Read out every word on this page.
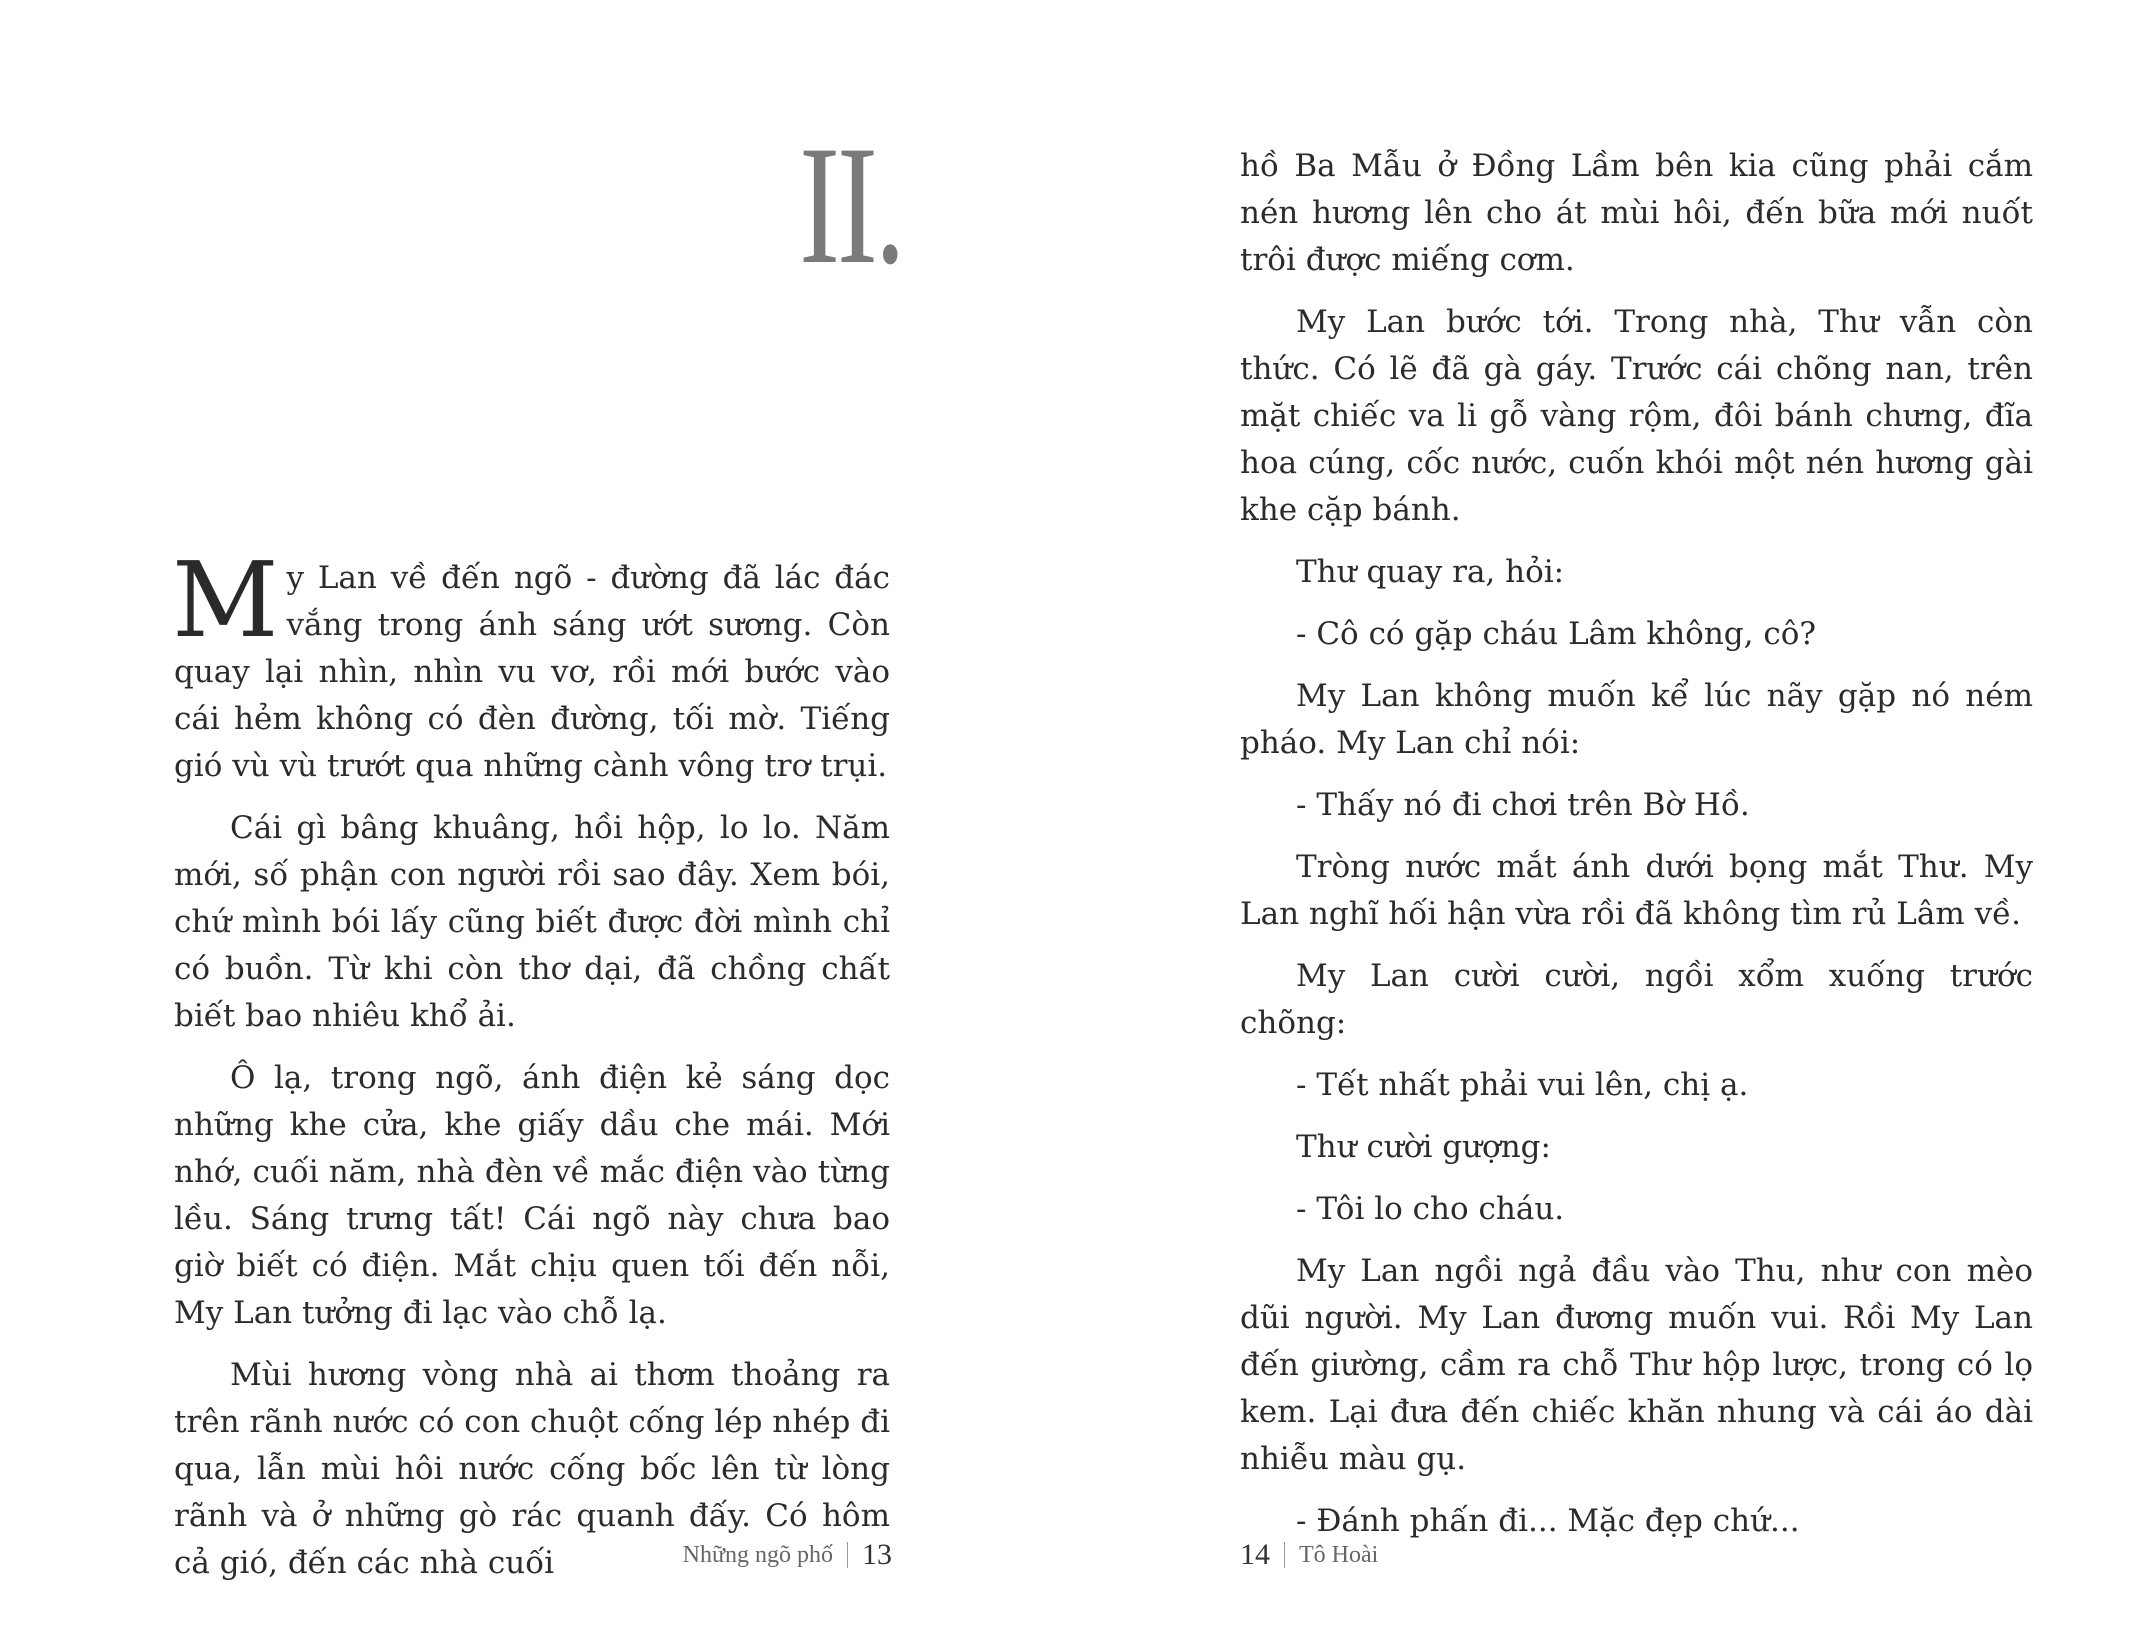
II.

My Lan về đến ngõ - đường đã lác đác vắng trong ánh sáng ướt sương. Còn quay lại nhìn, nhìn vu vơ, rồi mới bước vào cái hẻm không có đèn đường, tối mờ. Tiếng gió vù vù trướt qua những cành vông trơ trụi.

Cái gì bâng khuâng, hồi hộp, lo lo. Năm mới, số phận con người rồi sao đây. Xem bói, chứ mình bói lấy cũng biết được đời mình chỉ có buồn. Từ khi còn thơ dại, đã chồng chất biết bao nhiêu khổ ải.

Ô lạ, trong ngõ, ánh điện kẻ sáng dọc những khe cửa, khe giấy dầu che mái. Mới nhớ, cuối năm, nhà đèn về mắc điện vào từng lều. Sáng trưng tất! Cái ngõ này chưa bao giờ biết có điện. Mắt chịu quen tối đến nỗi, My Lan tưởng đi lạc vào chỗ lạ.

Mùi hương vòng nhà ai thơm thoảng ra trên rãnh nước có con chuột cống lép nhép đi qua, lẫn mùi hôi nước cống bốc lên từ lòng rãnh và ở những gò rác quanh đấy. Có hôm cả gió, đến các nhà cuối	Những ngõ phố 13

hồ Ba Mẫu ở Đồng Lầm bên kia cũng phải cắm nén hương lên cho át mùi hôi, đến bữa mới nuốt trôi được miếng cơm.

My Lan bước tới. Trong nhà, Thư vẫn còn thức. Có lẽ đã gà gáy. Trước cái chõng nan, trên mặt chiếc va li gỗ vàng rộm, đôi bánh chưng, đĩa hoa cúng, cốc nước, cuốn khói một nén hương gài khe cặp bánh.

Thư quay ra, hỏi:

- Cô có gặp cháu Lâm không, cô?

My Lan không muốn kể lúc nãy gặp nó ném pháo. My Lan chỉ nói:

- Thấy nó đi chơi trên Bờ Hồ.

Tròng nước mắt ánh dưới bọng mắt Thư. My Lan nghĩ hối hận vừa rồi đã không tìm rủ Lâm về.

My Lan cười cười, ngồi xổm xuống trước chõng:

- Tết nhất phải vui lên, chị ạ.

Thư cười gượng:

- Tôi lo cho cháu.

My Lan ngồi ngả đầu vào Thu, như con mèo dũi người. My Lan đương muốn vui. Rồi My Lan đến giường, cầm ra chỗ Thư hộp lược, trong có lọ kem. Lại đưa đến chiếc khăn nhung và cái áo dài nhiễu màu gụ.

- Đánh phấn đi... Mặc đẹp chứ...

14 Tô Hoài
